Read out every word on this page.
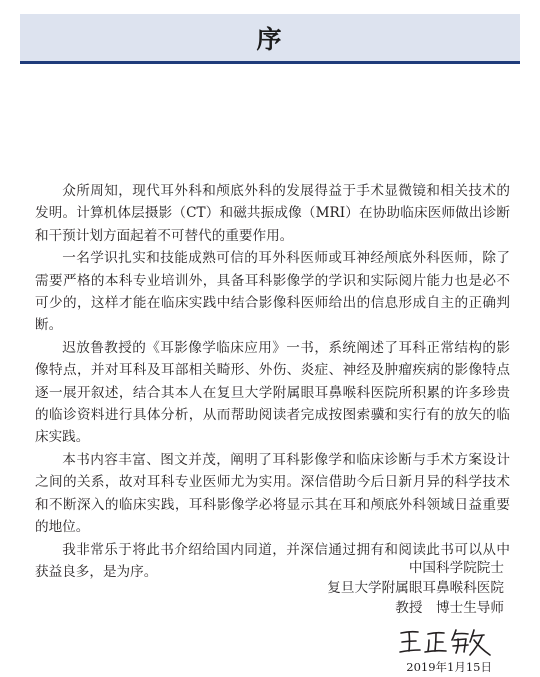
序

众所周知，现代耳外科和颅底外科的发展得益于手术显微镜和相关技术的发明。计算机体层摄影（CT）和磁共振成像（MRI）在协助临床医师做出诊断和干预计划方面起着不可替代的重要作用。

一名学识扎实和技能成熟可信的耳外科医师或耳神经颅底外科医师，除了需要严格的本科专业培训外，具备耳科影像学的学识和实际阅片能力也是必不可少的，这样才能在临床实践中结合影像科医师给出的信息形成自主的正确判断。

迟放鲁教授的《耳影像学临床应用》一书，系统阐述了耳科正常结构的影像特点，并对耳科及耳部相关畸形、外伤、炎症、神经及肿瘤疾病的影像特点逐一展开叙述，结合其本人在复旦大学附属眼耳鼻喉科医院所积累的许多珍贵的临诊资料进行具体分析，从而帮助阅读者完成按图索骥和实行有的放矢的临床实践。

本书内容丰富、图文并茂，阐明了耳科影像学和临床诊断与手术方案设计之间的关系，故对耳科专业医师尤为实用。深信借助今后日新月异的科学技术和不断深入的临床实践，耳科影像学必将显示其在耳和颅底外科领域日益重要的地位。

我非常乐于将此书介绍给国内同道，并深信通过拥有和阅读此书可以从中获益良多，是为序。	中国科学院院士
复旦大学附属眼耳鼻喉科医院
教授　博士生导师
2019年1月15日
